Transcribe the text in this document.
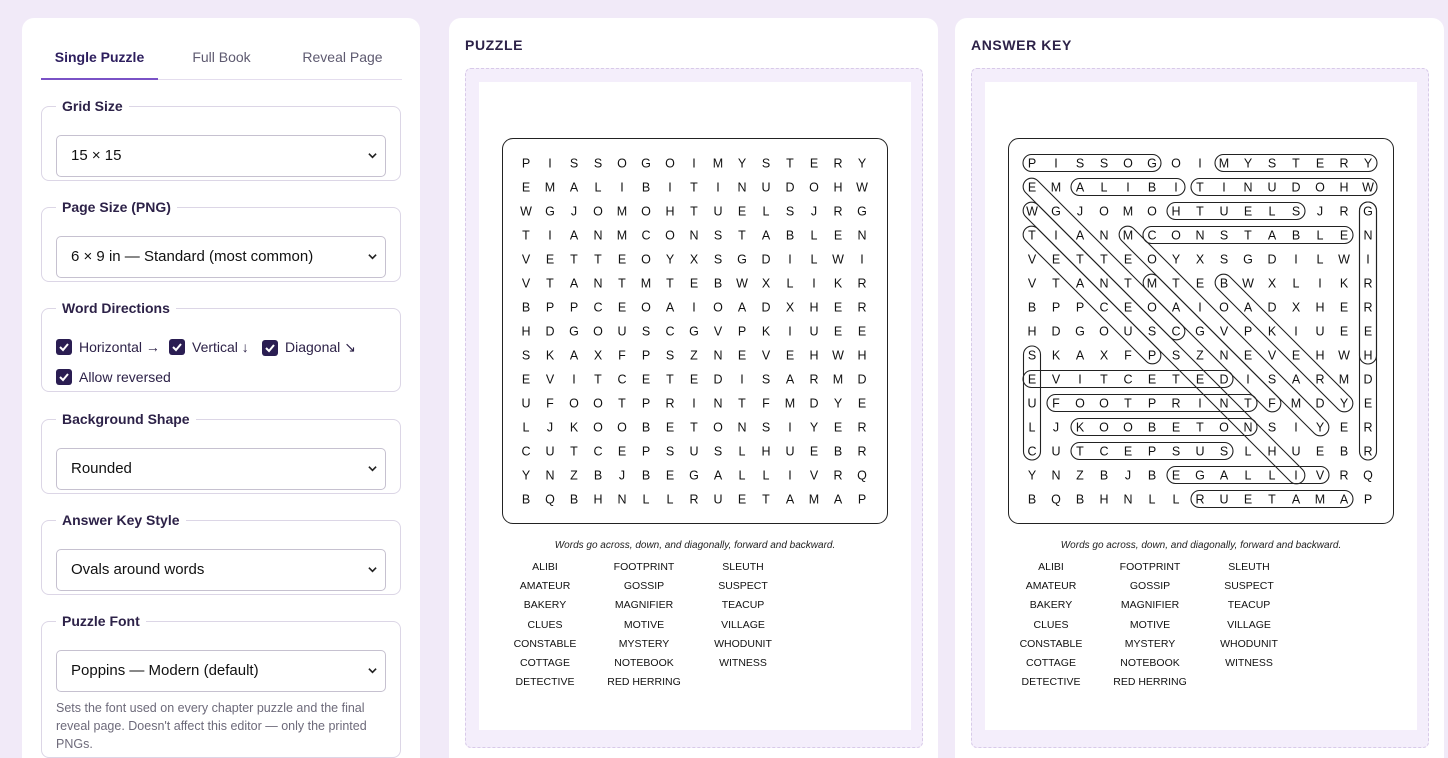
Single Puzzle	Full Book	Reveal Page
Grid Size
15 × 15
Page Size (PNG)
6 × 9 in — Standard (most common)
Word Directions
Horizontal → Vertical ↓	Diagonal ↘
Allow reversed
Background Shape
Rounded
Answer Key Style
Ovals around words
Puzzle Font
Poppins — Modern (default)
Sets the font used on every chapter puzzle and the final reveal page. Doesn't affect this editor — only the printed PNGs.
PUZZLE
P I S S O G O I M Y S T E R Y
E M A L I B I T I N U D O H W
W G J O M O H T U E L S J R G
T I A N M C O N S T A B L E N
V E T T E O Y X S G D I L W I
V T A N T M T E B W X L I K R
B P P C E O A I O A D X H E R
H D G O U S C G V P K I U E E
S K A X F P S Z N E V E H W H
E V I T C E T E D I S A R M D
U F O O T P R I N T F M D Y E
L J K O O B E T O N S I Y E R
C U T C E P S U S L H U E B R
Y N Z B J B E G A L L I V R Q
B Q B H N L L R U E T A M A P
Words go across, down, and diagonally, forward and backward.
ALIBI
AMATEUR
BAKERY
CLUES
CONSTABLE
COTTAGE
DETECTIVE
FOOTPRINT
GOSSIP
MAGNIFIER
MOTIVE
MYSTERY
NOTEBOOK
RED HERRING
SLEUTH
SUSPECT
TEACUP
VILLAGE
WHODUNIT
WITNESS
ANSWER KEY
P I S S O G O I M Y S T E R Y
E M A L I B I T I N U D O H W
W G J O M O H T U E L S J R G
T I A N M C O N S T A B L E N
V E T T E O Y X S G D I L W I
V T A N T M T E B W X L I K R
B P P C E O A I O A D X H E R
H D G O U S C G V P K I U E E
S K A X F P S Z N E V E H W H
E V I T C E T E D I S A R M D
U F O O T P R I N T F M D Y E
L J K O O B E T O N S I Y E R
C U T C E P S U S L H U E B R
Y N Z B J B E G A L L I V R Q
B Q B H N L L R U E T A M A P
Words go across, down, and diagonally, forward and backward.
ALIBI
AMATEUR
BAKERY
CLUES
CONSTABLE
COTTAGE
DETECTIVE
FOOTPRINT
GOSSIP
MAGNIFIER
MOTIVE
MYSTERY
NOTEBOOK
RED HERRING
SLEUTH
SUSPECT
TEACUP
VILLAGE
WHODUNIT
WITNESS
